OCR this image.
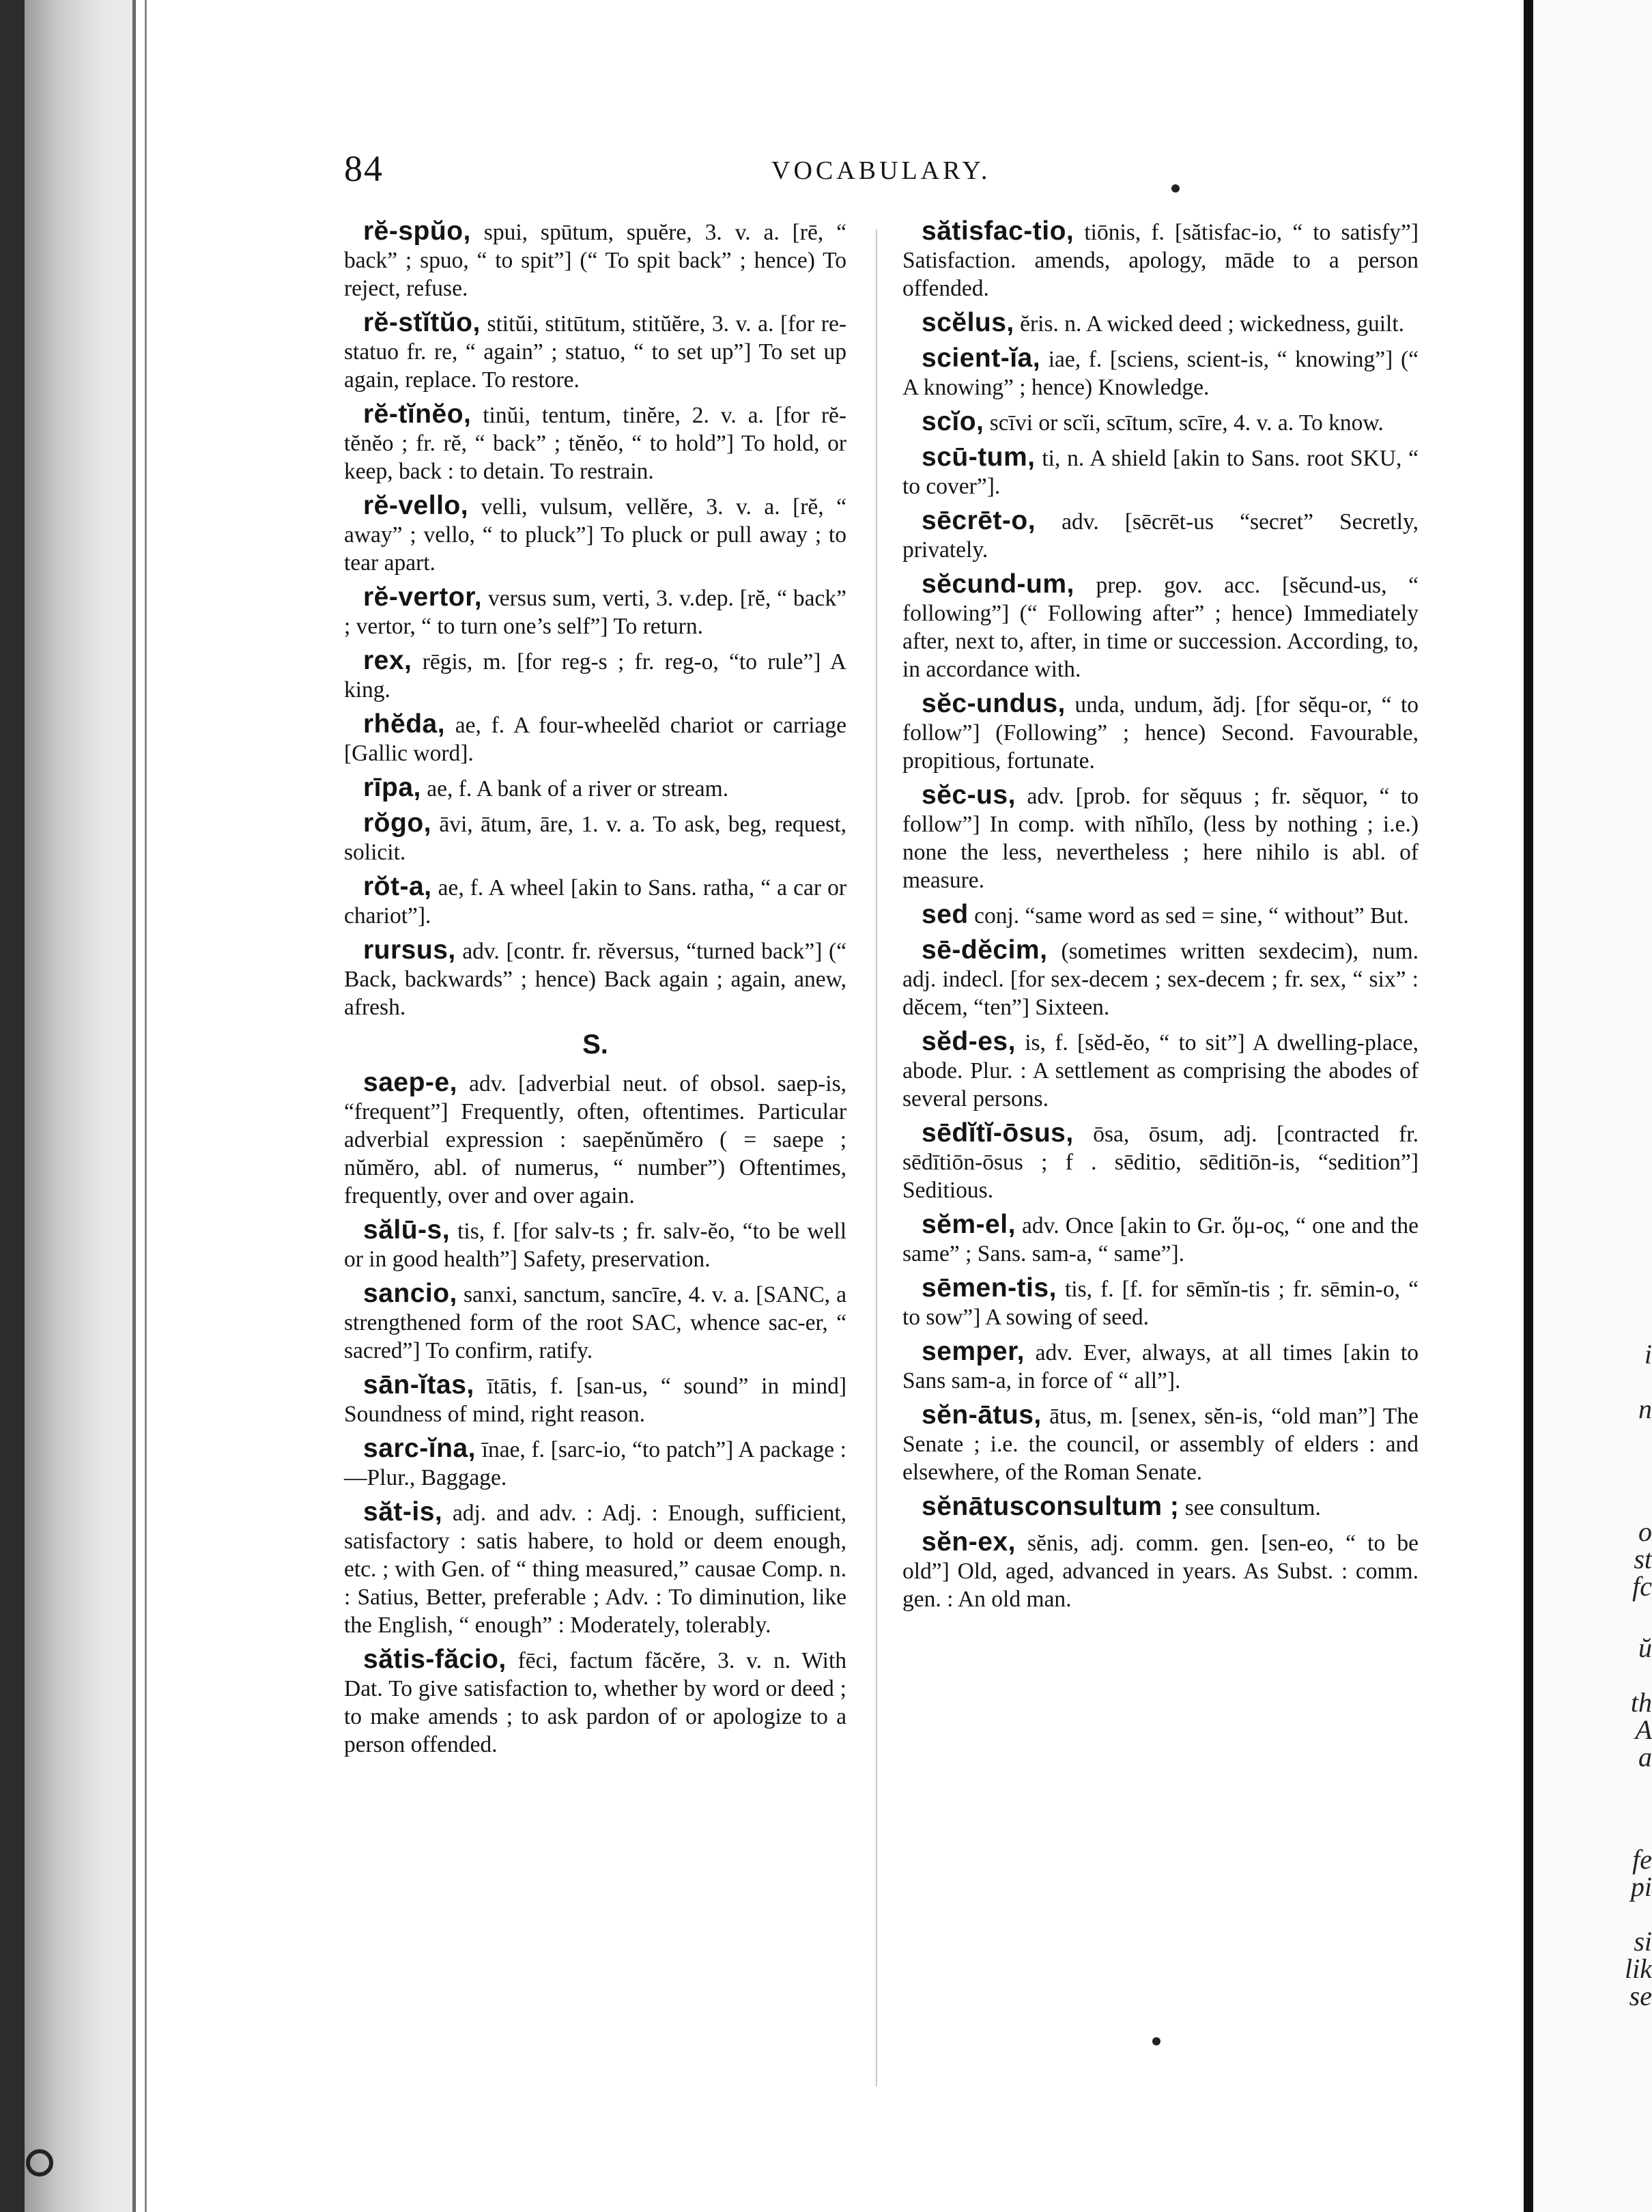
i
n
o
st
fc
ŭ
th
A
a
fe
pi
si
lik
se
84	VOCABULARY.

rĕ-spŭo, spui, spūtum, spuĕre, 3. v. a. [rē, “ back” ; spuo, “ to spit”] (“ To spit back” ; hence) To reject, refuse.

rĕ-stĭtŭo, stitŭi, stitūtum, stitŭĕre, 3. v. a. [for re-statuo fr. re, “ again” ; statuo, “ to set up”] To set up again, replace. To restore.

rĕ-tĭnĕo, tinŭi, tentum, tinĕre, 2. v. a. [for rĕ-tĕnĕo ; fr. rĕ, “ back” ; tĕnĕo, “ to hold”] To hold, or keep, back : to detain. To restrain.

rĕ-vello, velli, vulsum, vellĕre, 3. v. a. [rĕ, “ away” ; vello, “ to pluck”] To pluck or pull away ; to tear apart.

rĕ-vertor, versus sum, verti, 3. v.dep. [rĕ, “ back” ; vertor, “ to turn one’s self”] To return.

rex, rēgis, m. [for reg-s ; fr. reg-o, “to rule”] A king.

rhĕda, ae, f. A four-wheelĕd chariot or carriage [Gallic word].

rīpa, ae, f. A bank of a river or stream.

rŏgo, āvi, ātum, āre, 1. v. a. To ask, beg, request, solicit.

rŏt-a, ae, f. A wheel [akin to Sans. ratha, “ a car or chariot”].

rursus, adv. [contr. fr. rĕversus, “turned back”] (“ Back, backwards” ; hence) Back again ; again, anew, afresh.

S.

saep-e, adv. [adverbial neut. of obsol. saep-is, “frequent”] Frequently, often, oftentimes. Particular adverbial expression : saepĕnŭmĕro ( = saepe ; nŭmĕro, abl. of numerus, “ number”) Oftentimes, frequently, over and over again.

sălū-s, tis, f. [for salv-ts ; fr. salv-ĕo, “to be well or in good health”] Safety, preservation.

sancio, sanxi, sanctum, sancīre, 4. v. a. [SANC, a strengthened form of the root SAC, whence sac-er, “ sacred”] To confirm, ratify.

sān-ĭtas, ītātis, f. [san-us, “ sound” in mind] Soundness of mind, right reason.

sarc-ĭna, īnae, f. [sarc-io, “to patch”] A package :—Plur., Baggage.

săt-is, adj. and adv. : Adj. : Enough, sufficient, satisfactory : satis habere, to hold or deem enough, etc. ; with Gen. of “ thing measured,” causae Comp. n. : Satius, Better, preferable ; Adv. : To diminution, like the English, “ enough” : Moderately, tolerably.

sătis-făcio, fēci, factum făcĕre, 3. v. n. With Dat. To give satisfaction to, whether by word or deed ; to make amends ; to ask pardon of or apologize to a person offended.

sătisfac-tio, tiōnis, f. [sătisfac-io, “ to satisfy”] Satisfaction. amends, apology, māde to a person offended.

scĕlus, ĕris. n. A wicked deed ; wickedness, guilt.

scient-ĭa, iae, f. [sciens, scient-is, “ knowing”] (“ A knowing” ; hence) Knowledge.

scĭo, scīvi or scĭi, scītum, scīre, 4. v. a. To know.

scū-tum, ti, n. A shield [akin to Sans. root SKU, “ to cover”].

sēcrēt-o, adv. [sēcrēt-us “secret” Secretly, privately.

sĕcund-um, prep. gov. acc. [sĕcund-us, “ following”] (“ Following after” ; hence) Immediately after, next to, after, in time or succession. According, to, in accordance with.

sĕc-undus, unda, undum, ădj. [for sĕqu-or, “ to follow”] (Following” ; hence) Second. Favourable, propitious, fortunate.

sĕc-us, adv. [prob. for sĕquus ; fr. sĕquor, “ to follow”] In comp. with nĭhĭlo, (less by nothing ; i.e.) none the less, nevertheless ; here nihilo is abl. of measure.

sed conj. “same word as sed = sine, “ without” But.

sē-dĕcim, (sometimes written sexdecim), num. adj. indecl. [for sex-decem ; sex-decem ; fr. sex, “ six” : dĕcem, “ten”] Sixteen.

sĕd-es, is, f. [sĕd-ĕo, “ to sit”] A dwelling-place, abode. Plur. : A settlement as comprising the abodes of several persons.

sēdĭtĭ-ōsus, ōsa, ōsum, adj. [contracted fr. sēdītiōn-ōsus ; f . sēditio, sēditiōn-is, “sedition”] Seditious.

sĕm-el, adv. Once [akin to Gr. ὅμ-ος, “ one and the same” ; Sans. sam-a, “ same”].

sēmen-tis, tis, f. [f. for sēmĭn-tis ; fr. sēmin-o, “ to sow”] A sowing of seed.

semper, adv. Ever, always, at all times [akin to Sans sam-a, in force of “ all”].

sĕn-ātus, ātus, m. [senex, sĕn-is, “old man”] The Senate ; i.e. the council, or assembly of elders : and elsewhere, of the Roman Senate.

sĕnātusconsultum ; see consultum.

sĕn-ex, sĕnis, adj. comm. gen. [sen-eo, “ to be old”] Old, aged, advanced in years. As Subst. : comm. gen. : An old man.
